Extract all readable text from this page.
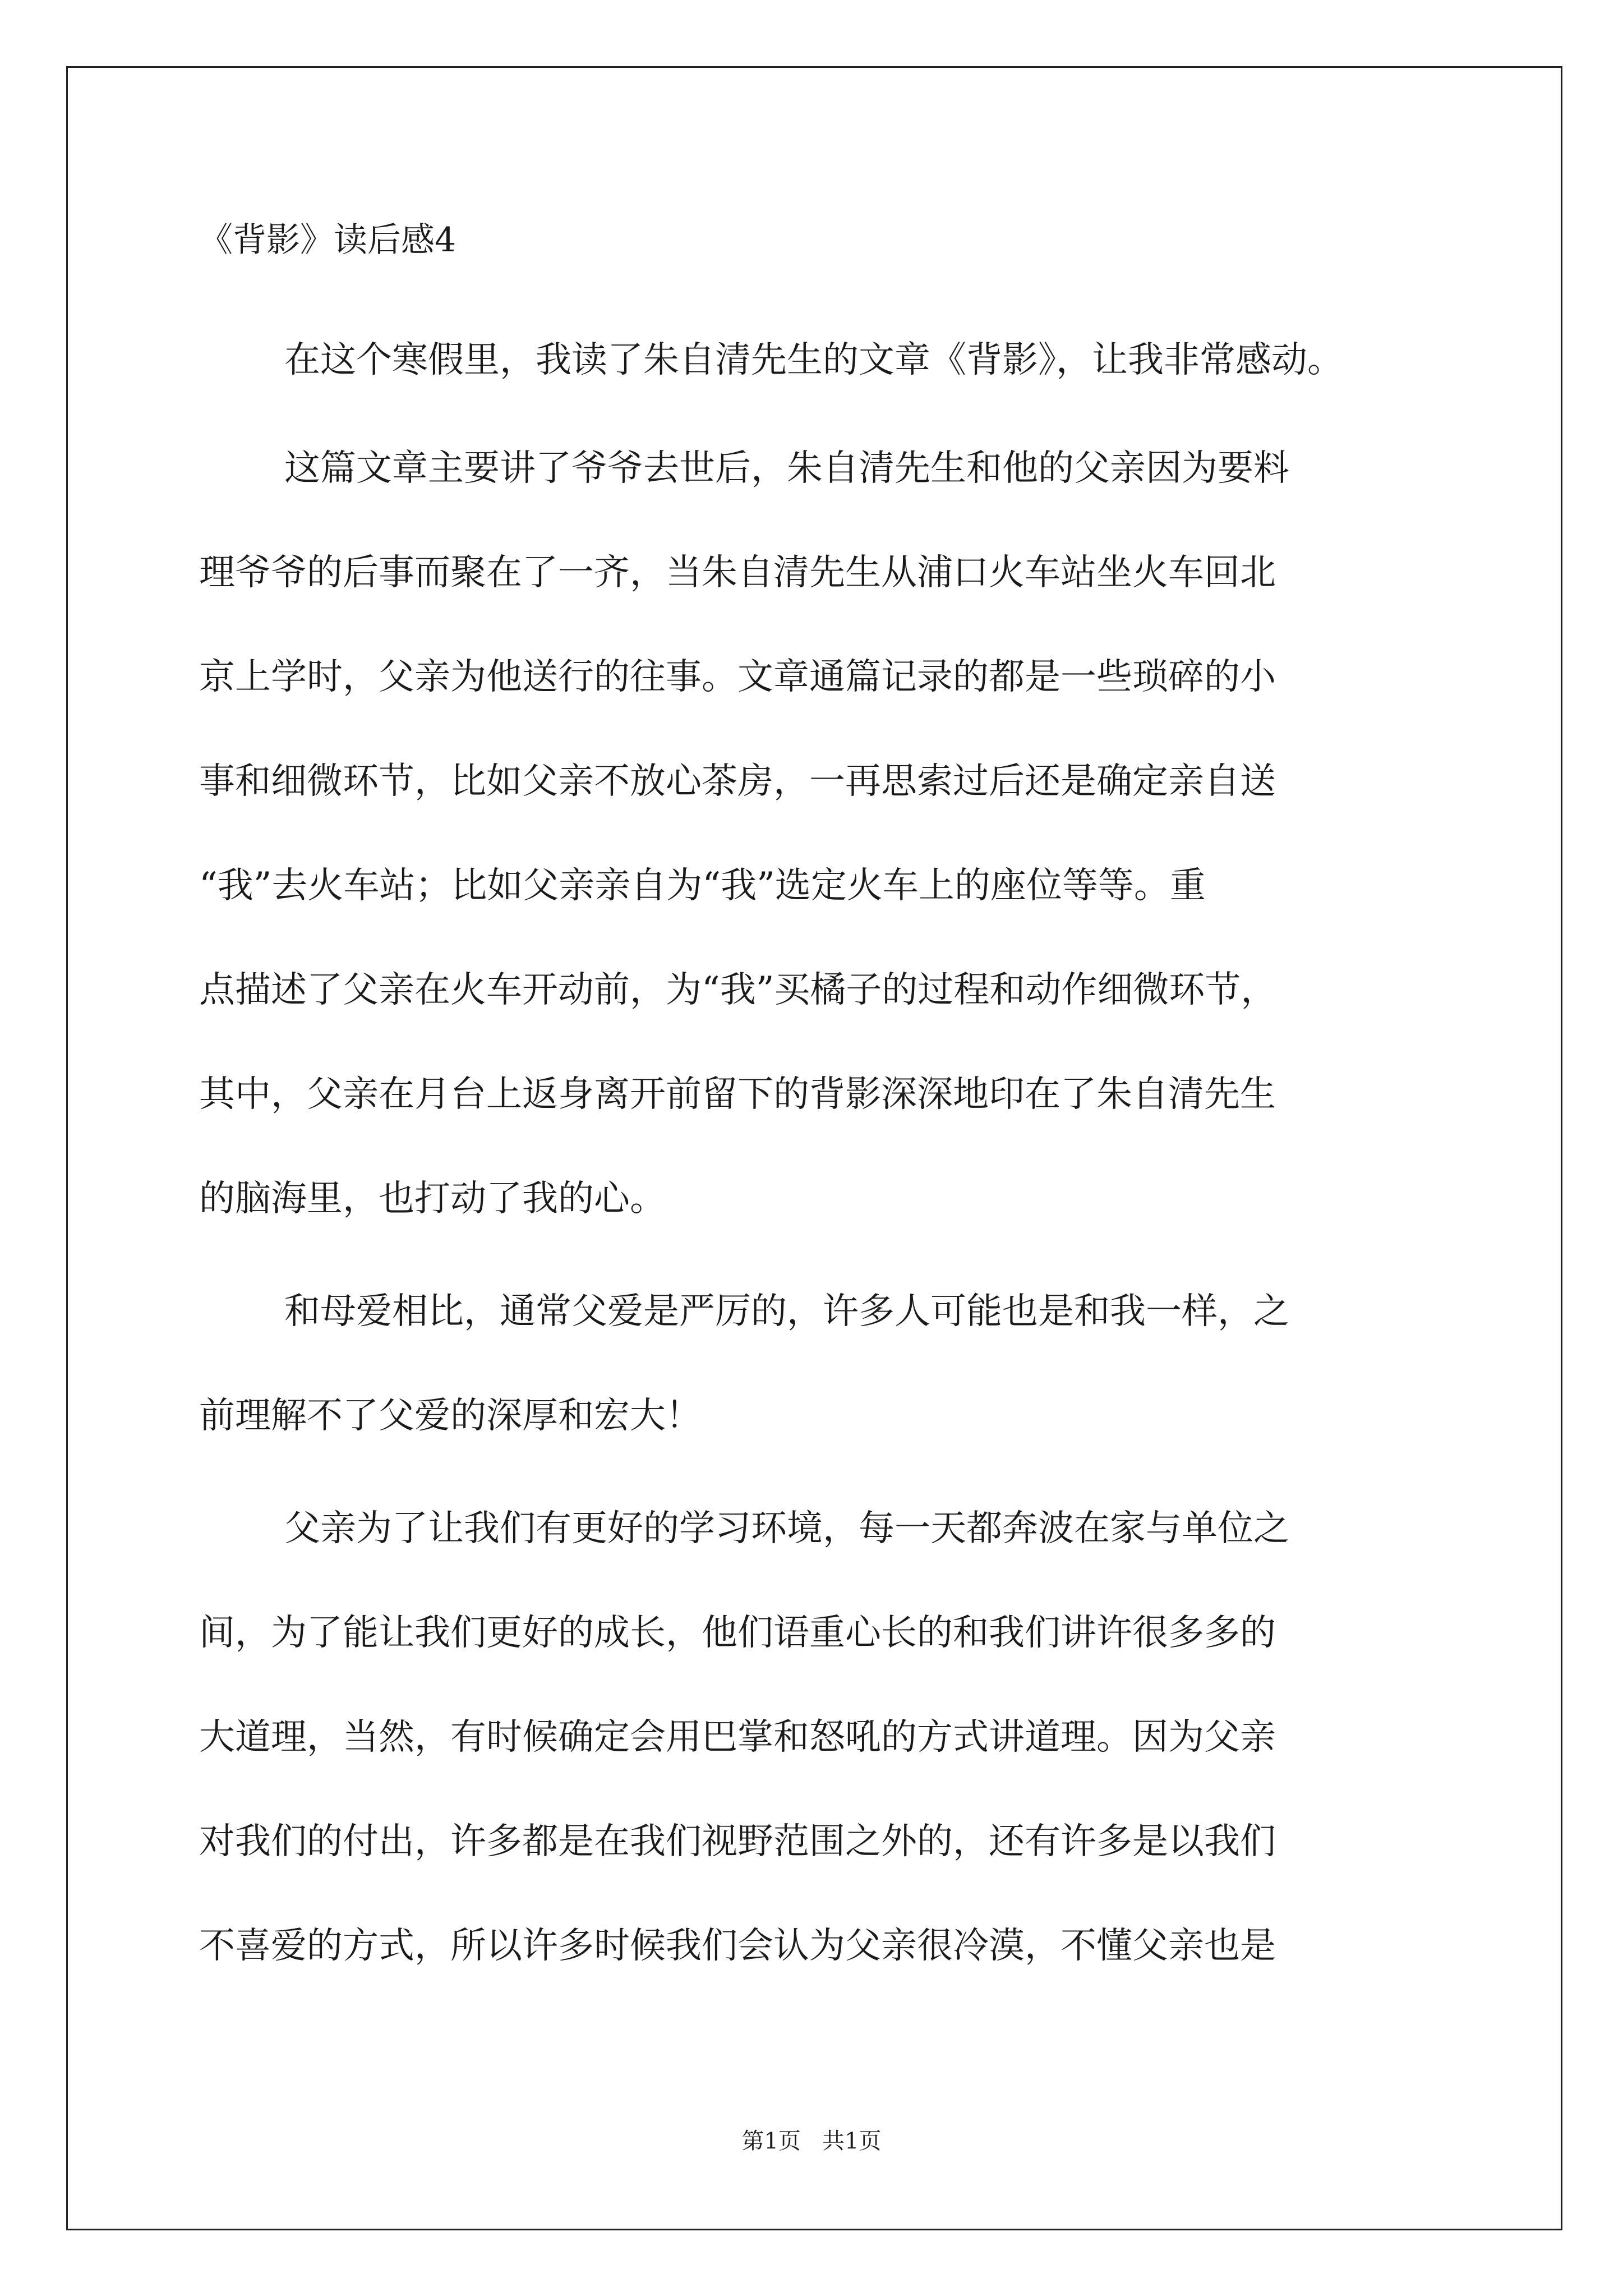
《背影》读后感4
在这个寒假里，我读了朱自清先生的文章《背影》，让我非常感动。
这篇文章主要讲了爷爷去世后，朱自清先生和他的父亲因为要料
理爷爷的后事而聚在了一齐，当朱自清先生从浦口火车站坐火车回北
京上学时，父亲为他送行的往事。文章通篇记录的都是一些琐碎的小
事和细微环节，比如父亲不放心茶房，一再思索过后还是确定亲自送
“我”去火车站；比如父亲亲自为“我”选定火车上的座位等等。重
点描述了父亲在火车开动前，为“我”买橘子的过程和动作细微环节，
其中，父亲在月台上返身离开前留下的背影深深地印在了朱自清先生
的脑海里，也打动了我的心。
和母爱相比，通常父爱是严厉的，许多人可能也是和我一样，之
前理解不了父爱的深厚和宏大！
父亲为了让我们有更好的学习环境，每一天都奔波在家与单位之
间，为了能让我们更好的成长，他们语重心长的和我们讲许很多多的
大道理，当然，有时候确定会用巴掌和怒吼的方式讲道理。因为父亲
对我们的付出，许多都是在我们视野范围之外的，还有许多是以我们
不喜爱的方式，所以许多时候我们会认为父亲很冷漠，不懂父亲也是
第1页   共1页
